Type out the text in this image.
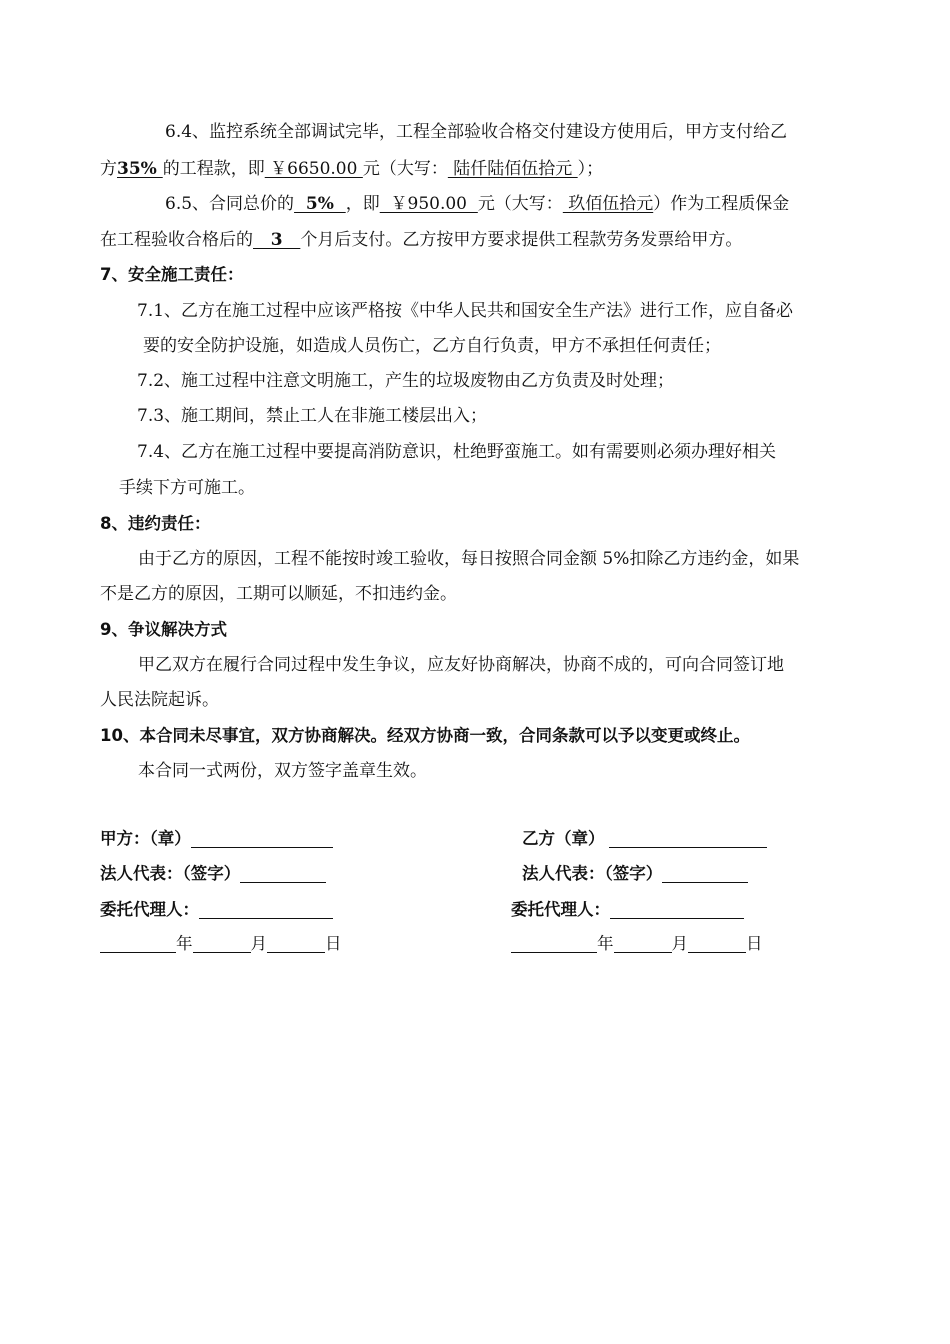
6.4、监控系统全部调试完毕，工程全部验收合格交付建设方使用后，甲方支付给乙
方35% 的工程款，即 ￥6650.00 元（大写： 陆仟陆佰伍拾元 ）；
6.5、合同总价的  5%  ，即  ￥950.00  元（大写： 玖佰伍拾元）作为工程质保金
在工程验收合格后的   3   个月后支付。乙方按甲方要求提供工程款劳务发票给甲方。
7、安全施工责任：
7.1、乙方在施工过程中应该严格按《中华人民共和国安全生产法》进行工作，应自备必
要的安全防护设施，如造成人员伤亡，乙方自行负责，甲方不承担任何责任；
7.2、施工过程中注意文明施工，产生的垃圾废物由乙方负责及时处理；
7.3、施工期间，禁止工人在非施工楼层出入；
7.4、乙方在施工过程中要提高消防意识，杜绝野蛮施工。如有需要则必须办理好相关
手续下方可施工。
8、违约责任：
由于乙方的原因，工程不能按时竣工验收，每日按照合同金额 5%扣除乙方违约金，如果
不是乙方的原因，工期可以顺延，不扣违约金。
9、争议解决方式
甲乙双方在履行合同过程中发生争议，应友好协商解决，协商不成的，可向合同签订地
人民法院起诉。
10、本合同未尽事宜，双方协商解决。经双方协商一致，合同条款可以予以变更或终止。
本合同一式两份，双方签字盖章生效。
甲方：（章）
法人代表：（签字）
委托代理人：
年	月	日
乙方（章）
法人代表：（签字）
委托代理人：
年	月	日
